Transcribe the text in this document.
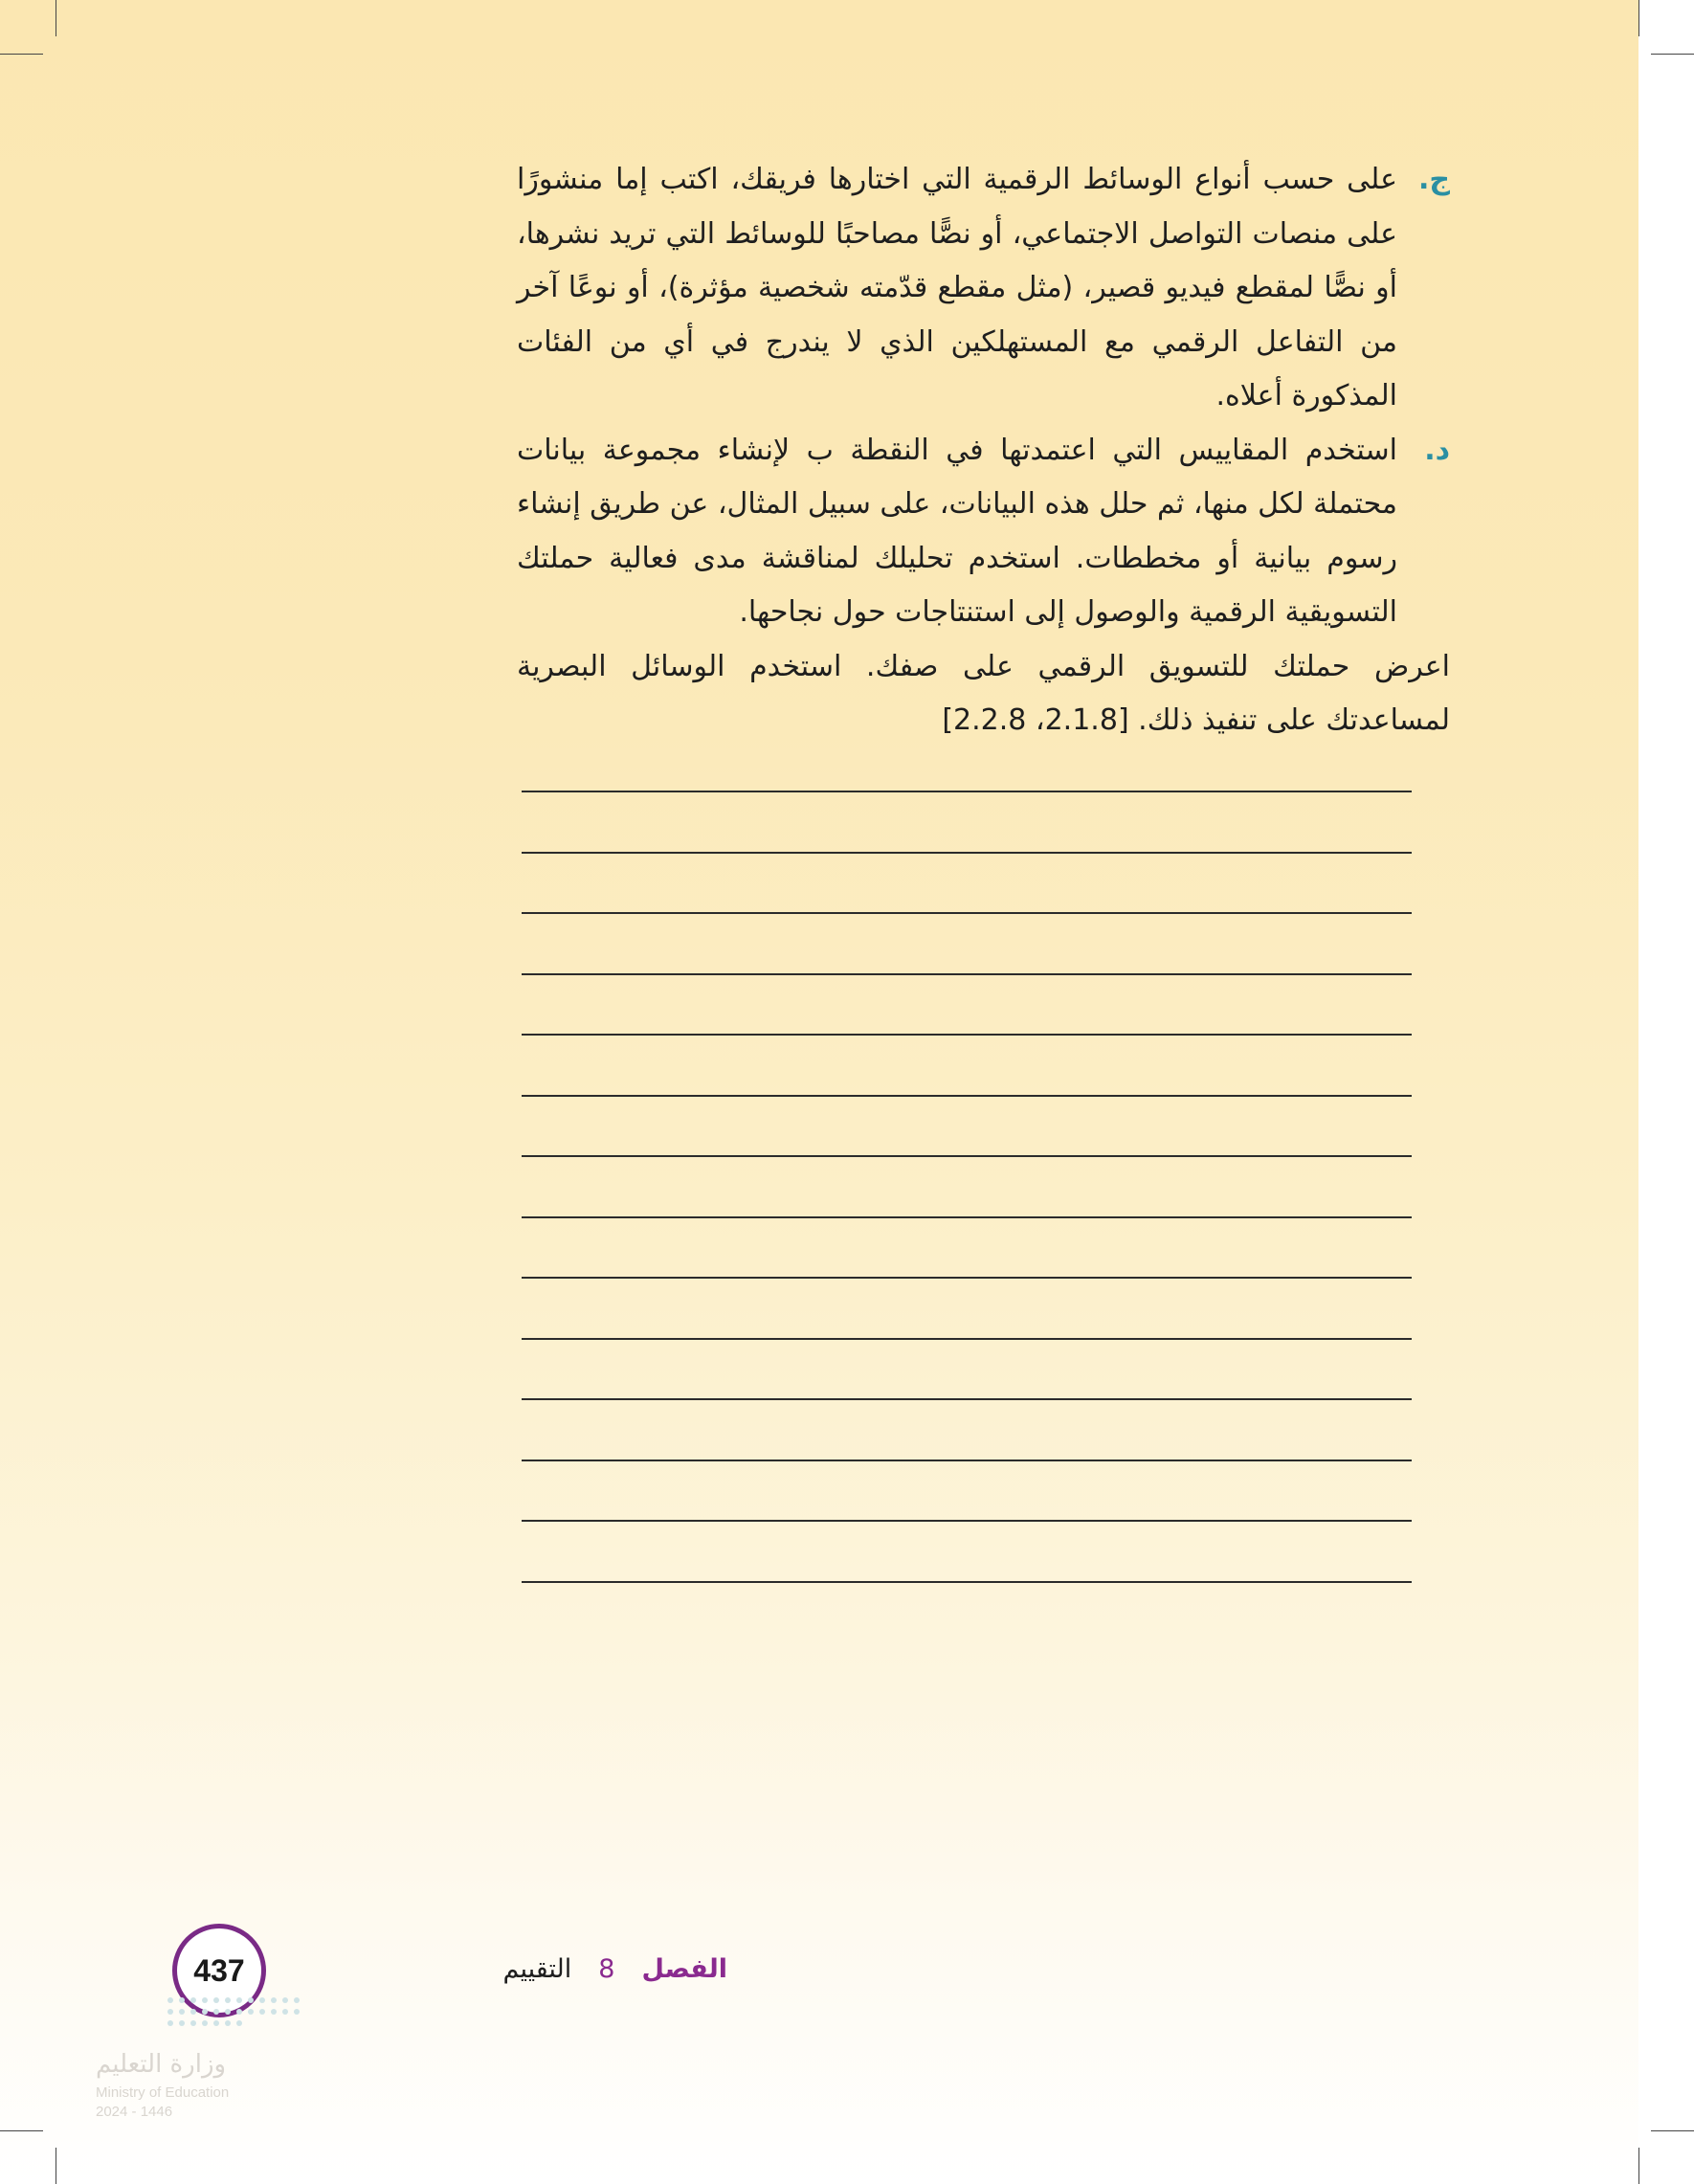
ج.

على حسب أنواع الوسائط الرقمية التي اختارها فريقك، اكتب إما منشورًا على منصات التواصل الاجتماعي، أو نصًّا مصاحبًا للوسائط التي تريد نشرها، أو نصًّا لمقطع فيديو قصير، (مثل مقطع قدّمته شخصية مؤثرة)، أو نوعًا آخر من التفاعل الرقمي مع المستهلكين الذي لا يندرج في أي من الفئات المذكورة أعلاه.

د.

استخدم المقاييس التي اعتمدتها في النقطة ب لإنشاء مجموعة بيانات محتملة لكل منها، ثم حلل هذه البيانات، على سبيل المثال، عن طريق إنشاء رسوم بيانية أو مخططات. استخدم تحليلك لمناقشة مدى فعالية حملتك التسويقية الرقمية والوصول إلى استنتاجات حول نجاحها.

اعرض حملتك للتسويق الرقمي على صفك. استخدم الوسائل البصرية لمساعدتك على تنفيذ ذلك. [2.1.8، 2.2.8]

الفصل8التقييم
437
وزارة التعليم
Ministry of Education
2024 - 1446
